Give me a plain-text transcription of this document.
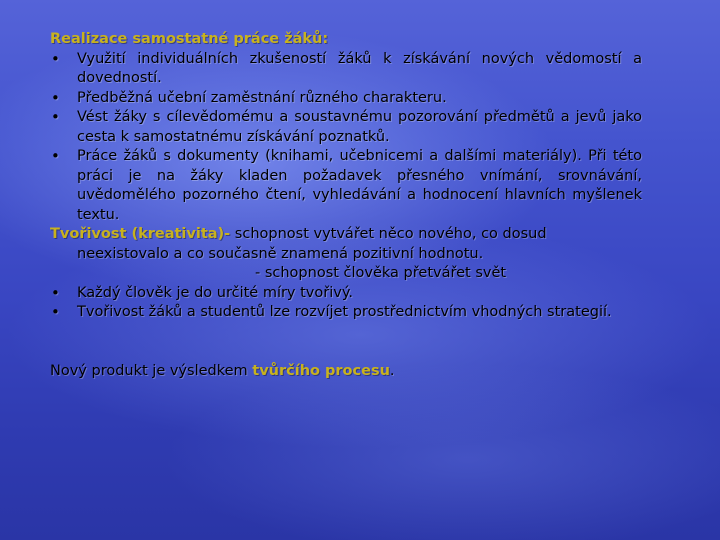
Realizace samostatné práce žáků:

• Využití individuálních zkušeností žáků k získávání nových vědomostí a dovedností.

• Předběžná učební zaměstnání různého charakteru.

• Vést žáky s cílevědomému a soustavnému pozorování předmětů a jevů jako cesta k samostatnému získávání poznatků.

• Práce žáků s dokumenty (knihami, učebnicemi a dalšími materiály). Při této práci je na žáky kladen požadavek přesného vnímání, srovnávání, uvědomělého pozorného čtení, vyhledávání a hodnocení hlavních myšlenek textu.

Tvořivost (kreativita)- schopnost vytvářet něco nového, co dosud
neexistovalo a co současně znamená pozitivní hodnotu.

- schopnost člověka přetvářet svět

• Každý člověk je do určité míry tvořivý.

• Tvořivost žáků a studentů lze rozvíjet prostřednictvím vhodných strategií.

Nový produkt je výsledkem tvůrčího procesu.
